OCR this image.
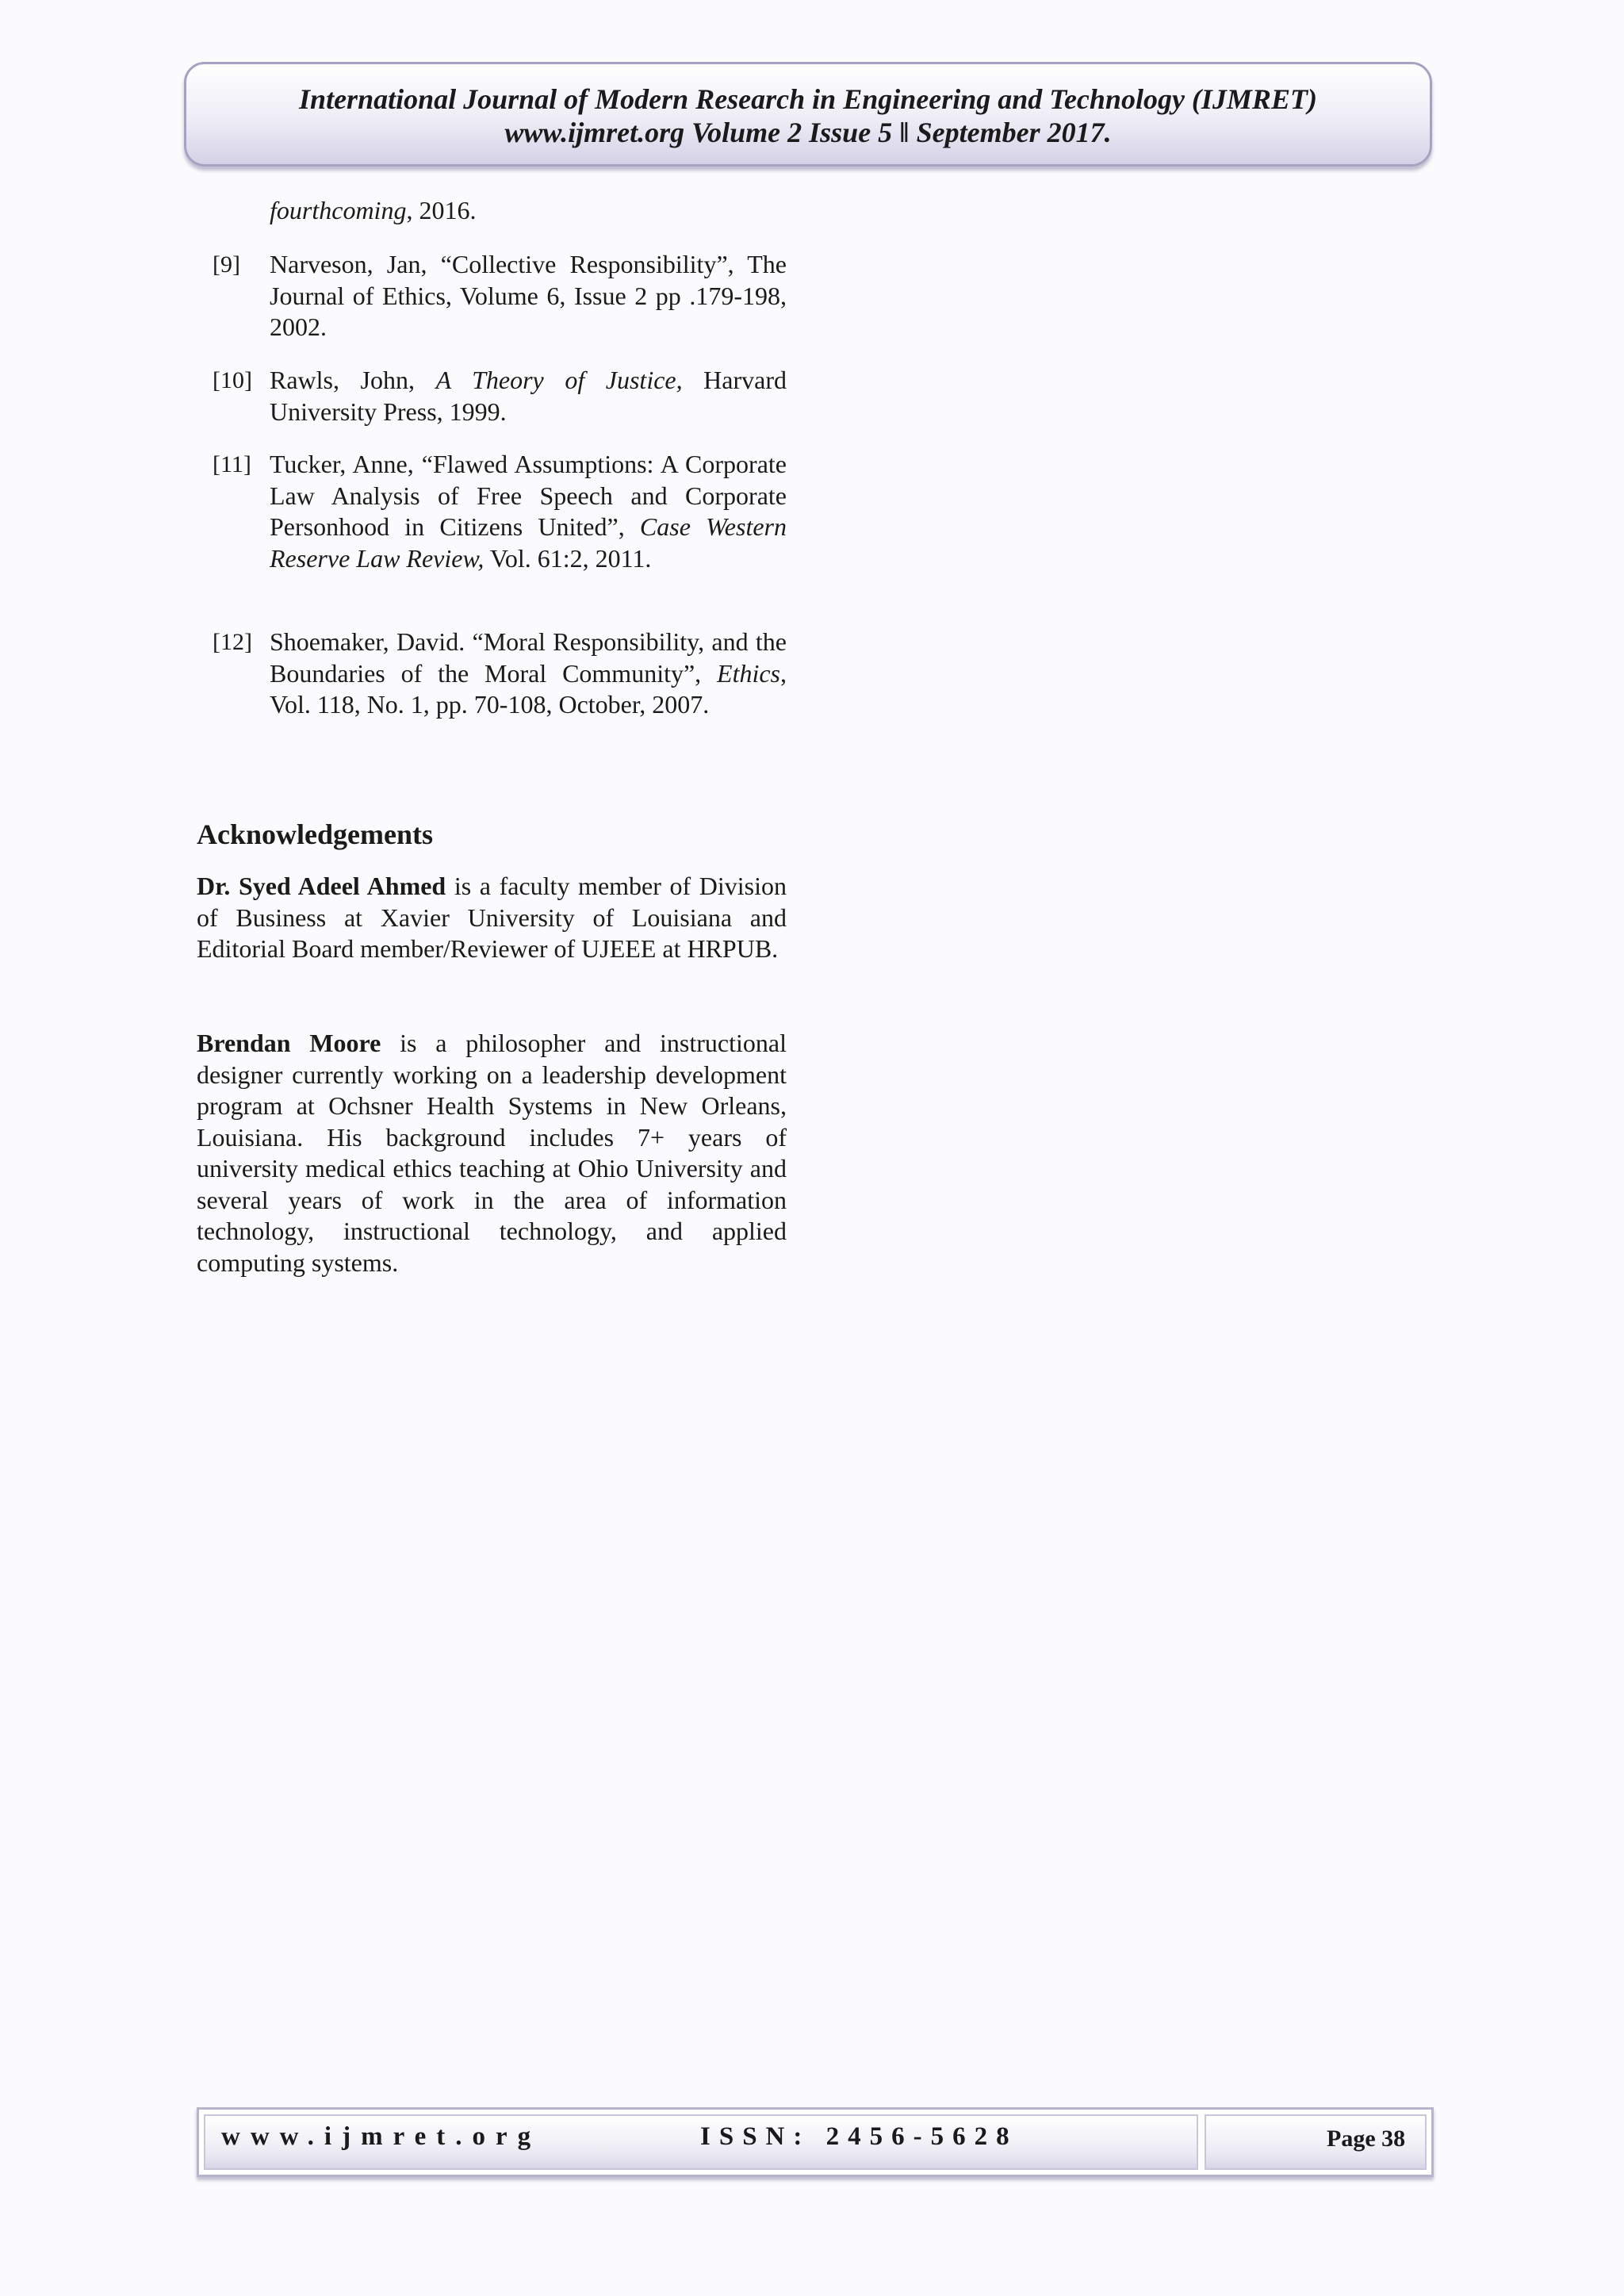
International Journal of Modern Research in Engineering and Technology (IJMRET)
www.ijmret.org Volume 2 Issue 5 ǁ September 2017.
fourthcoming, 2016.
[9] Narveson, Jan, “Collective Responsibility”, The Journal of Ethics, Volume 6, Issue 2 pp .179-198, 2002.
[10] Rawls, John, A Theory of Justice, Harvard University Press, 1999.
[11] Tucker, Anne, “Flawed Assumptions: A Corporate Law Analysis of Free Speech and Corporate Personhood in Citizens United”, Case Western Reserve Law Review, Vol. 61:2, 2011.
[12] Shoemaker, David. “Moral Responsibility, and the Boundaries of the Moral Community”, Ethics, Vol. 118, No. 1, pp. 70-108, October, 2007.
Acknowledgements
Dr. Syed Adeel Ahmed is a faculty member of Division of Business at Xavier University of Louisiana and Editorial Board member/Reviewer of UJEEE at HRPUB.
Brendan Moore is a philosopher and instructional designer currently working on a leadership development program at Ochsner Health Systems in New Orleans, Louisiana. His background includes 7+ years of university medical ethics teaching at Ohio University and several years of work in the area of information technology, instructional technology, and applied computing systems.
www.ijmret.org	ISSN: 2456-5628	Page 38
